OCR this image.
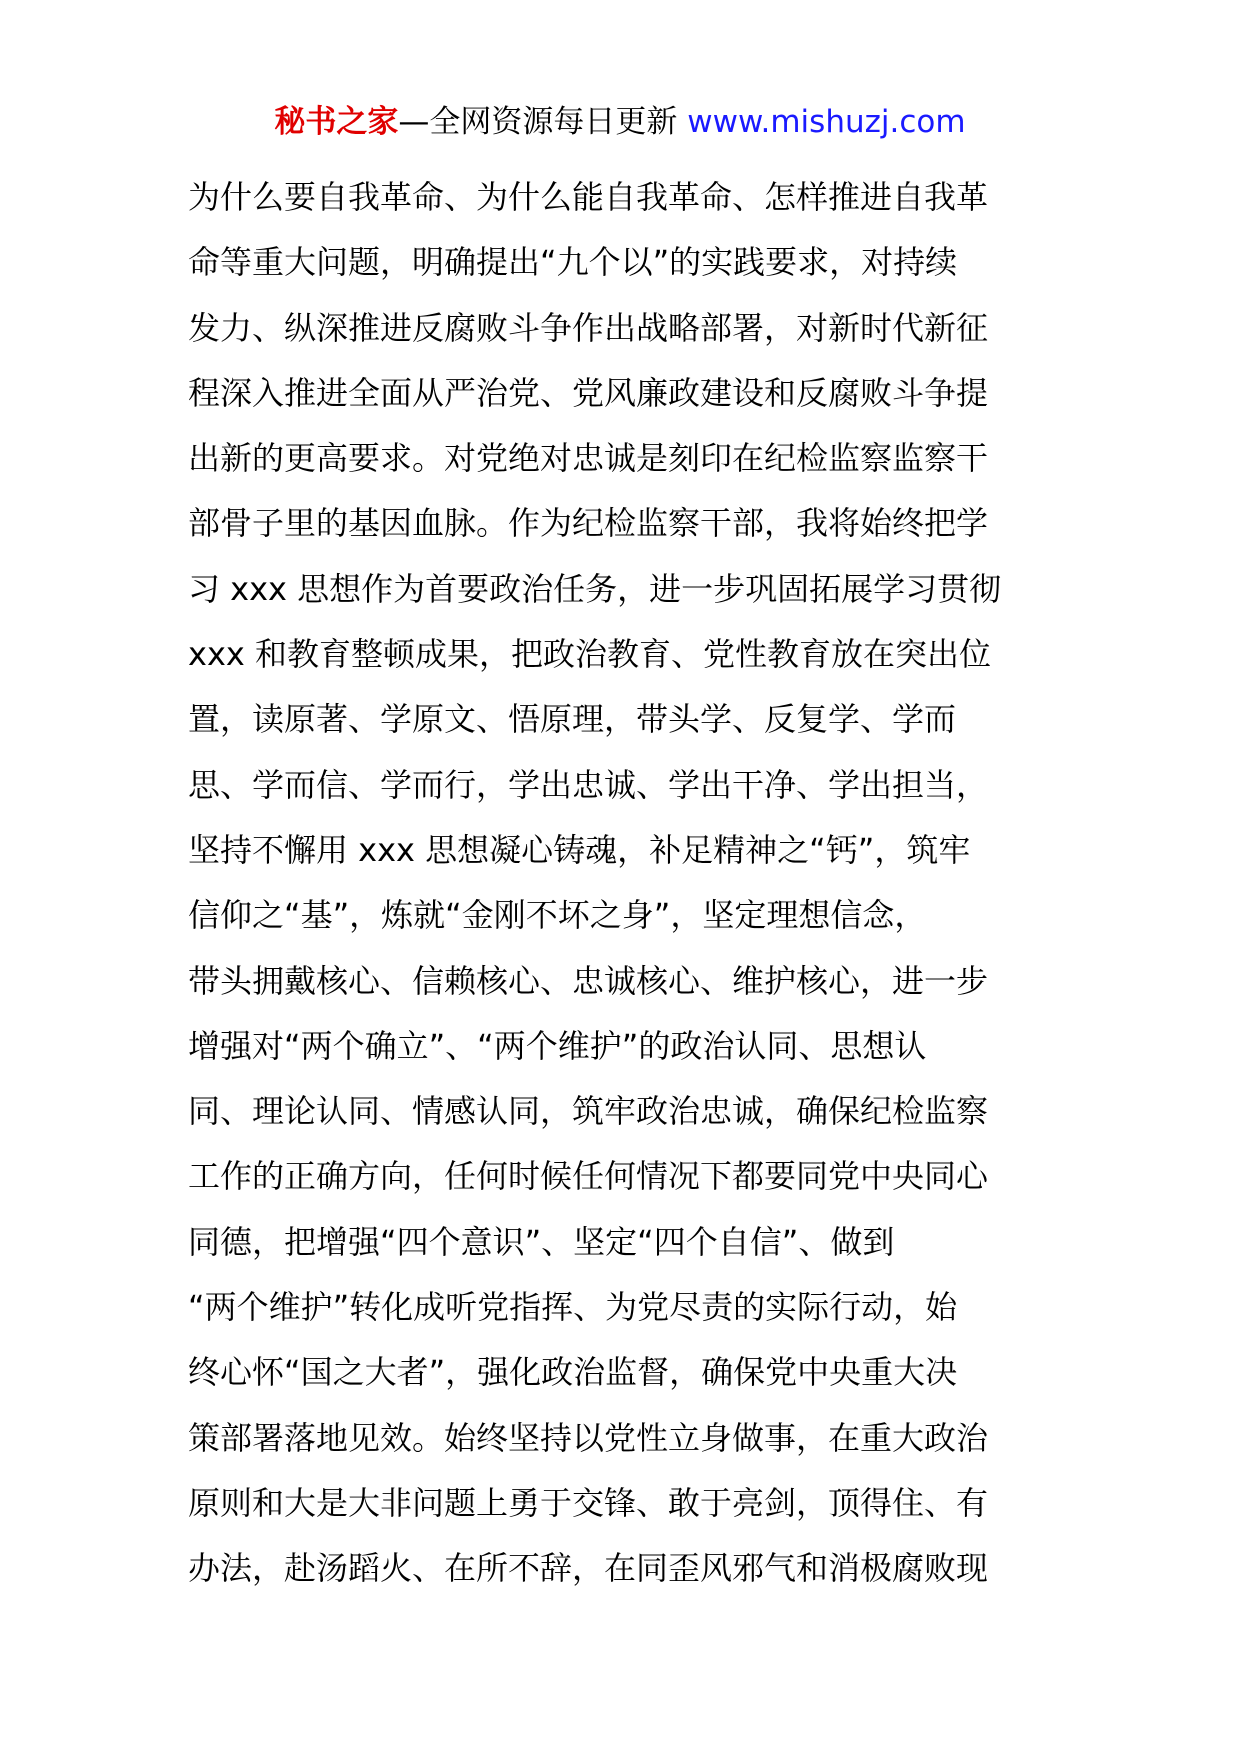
秘书之家—全网资源每日更新 www.mishuzj.com
为什么要自我革命、为什么能自我革命、怎样推进自我革
命等重大问题，明确提出“九个以”的实践要求，对持续
发力、纵深推进反腐败斗争作出战略部署，对新时代新征
程深入推进全面从严治党、党风廉政建设和反腐败斗争提
出新的更高要求。对党绝对忠诚是刻印在纪检监察监察干
部骨子里的基因血脉。作为纪检监察干部，我将始终把学
习 xxx 思想作为首要政治任务，进一步巩固拓展学习贯彻
xxx 和教育整顿成果，把政治教育、党性教育放在突出位
置，读原著、学原文、悟原理，带头学、反复学、学而
思、学而信、学而行，学出忠诚、学出干净、学出担当，
坚持不懈用 xxx 思想凝心铸魂，补足精神之“钙”，筑牢
信仰之“基”，炼就“金刚不坏之身”，坚定理想信念，
带头拥戴核心、信赖核心、忠诚核心、维护核心，进一步
增强对“两个确立”、“两个维护”的政治认同、思想认
同、理论认同、情感认同，筑牢政治忠诚，确保纪检监察
工作的正确方向，任何时候任何情况下都要同党中央同心
同德，把增强“四个意识”、坚定“四个自信”、做到
“两个维护”转化成听党指挥、为党尽责的实际行动，始
终心怀“国之大者”，强化政治监督，确保党中央重大决
策部署落地见效。始终坚持以党性立身做事，在重大政治
原则和大是大非问题上勇于交锋、敢于亮剑，顶得住、有
办法，赴汤蹈火、在所不辞，在同歪风邪气和消极腐败现
